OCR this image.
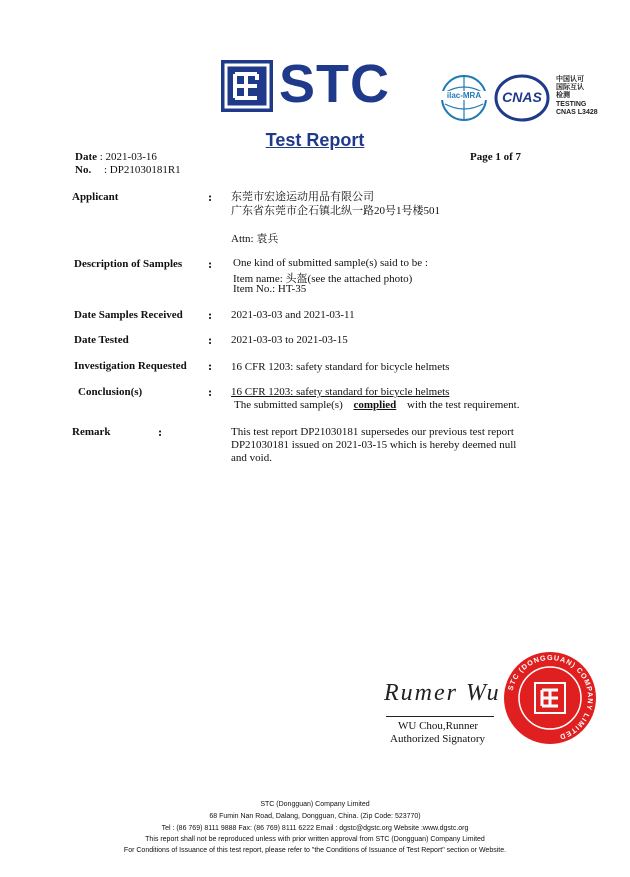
STC	ilac-MRA	CNAS
中国认可
国际互认
检测
TESTING
CNAS L3428
Test Report
Date : 2021-03-16
No. : DP21030181R1
Page 1 of 7
Applicant	: 东莞市宏途运动用品有限公司
广东省东莞市企石镇北纵一路20号1号楼501
Attn: 袁兵
Description of Samples : One kind of submitted sample(s) said to be :
Item name: 头盔(see the attached photo)
Item No.: HT-35
Date Samples Received : 2021-03-03 and 2021-03-11
Date Tested	: 2021-03-03 to 2021-03-15
Investigation Requested : 16 CFR 1203: safety standard for bicycle helmets
Conclusion(s)	: 16 CFR 1203: safety standard for bicycle helmets
The submitted sample(s) complied with the test requirement.
Remark	:	This test report DP21030181 supersedes our previous test report
DP21030181 issued on 2021-03-15 which is hereby deemed null
and void.
Rumer Wu
WU Chou,Runner
Authorized Signatory
STC (DONGGUAN) COMPANY LIMITED
STC (Dongguan) Company Limited
68 Fumin Nan Road, Dalang, Dongguan, China. (Zip Code: 523770)
Tel : (86 769) 8111 9888 Fax: (86 769) 8111 6222 Email : dgstc@dgstc.org Website :www.dgstc.org
This report shall not be reproduced unless with prior written approval from STC (Dongguan) Company Limited
For Conditions of Issuance of this test report, please refer to "the Conditions of Issuance of Test Report" section or Website.
